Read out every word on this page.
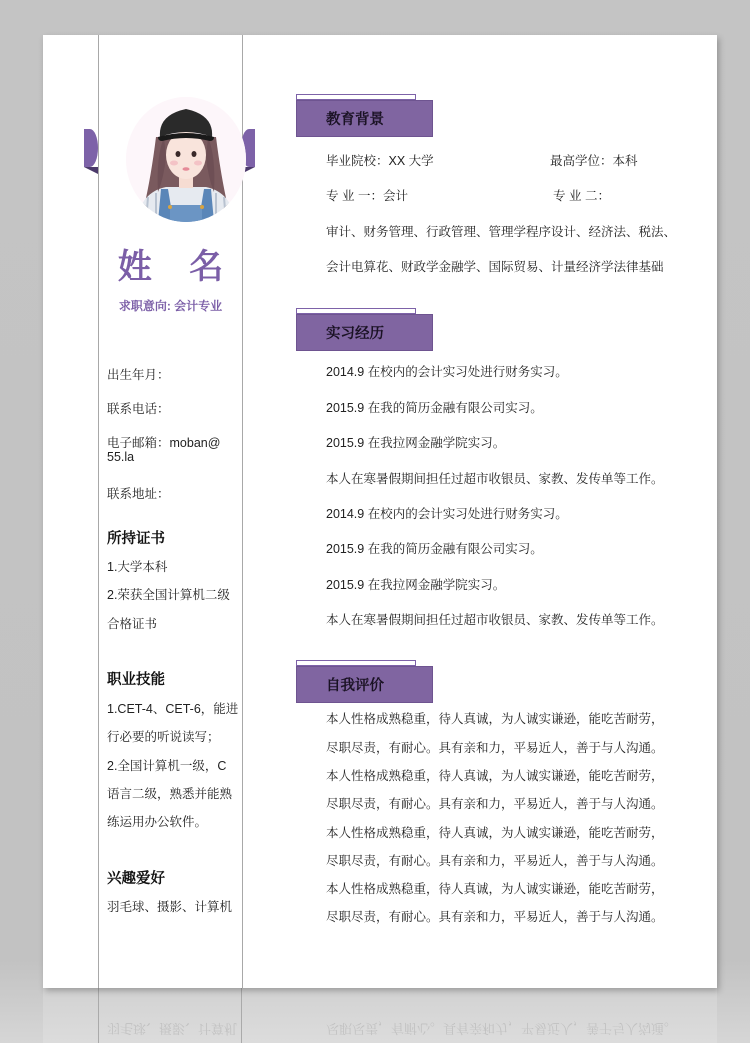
羽毛球、摄影、计算机	尽职尽责，有耐心。具有亲和力，平易近人，善于与人沟通。
姓 名
求职意向: 会计专业
出生年月：
联系电话：
电子邮箱：moban@
55.la
联系地址：
所持证书
1.大学本科
2.荣获全国计算机二级
合格证书
职业技能
1.CET-4、CET-6，能进
行必要的听说读写；
2.全国计算机一级，C
语言二级，熟悉并能熟
练运用办公软件。
兴趣爱好
羽毛球、摄影、计算机
教育背景
毕业院校：XX 大学	最高学位：本科
专 业 一：会计	专 业 二：
审计、财务管理、行政管理、管理学程序设计、经济法、税法、
会计电算花、财政学金融学、国际贸易、计量经济学法律基础
实习经历
2014.9 在校内的会计实习处进行财务实习。
2015.9 在我的简历金融有限公司实习。
2015.9 在我拉网金融学院实习。
本人在寒暑假期间担任过超市收银员、家教、发传单等工作。
2014.9 在校内的会计实习处进行财务实习。
2015.9 在我的简历金融有限公司实习。
2015.9 在我拉网金融学院实习。
本人在寒暑假期间担任过超市收银员、家教、发传单等工作。
自我评价
本人性格成熟稳重，待人真诚，为人诚实谦逊，能吃苦耐劳，
尽职尽责，有耐心。具有亲和力，平易近人，善于与人沟通。
本人性格成熟稳重，待人真诚，为人诚实谦逊，能吃苦耐劳，
尽职尽责，有耐心。具有亲和力，平易近人，善于与人沟通。
本人性格成熟稳重，待人真诚，为人诚实谦逊，能吃苦耐劳，
尽职尽责，有耐心。具有亲和力，平易近人，善于与人沟通。
本人性格成熟稳重，待人真诚，为人诚实谦逊，能吃苦耐劳，
尽职尽责，有耐心。具有亲和力，平易近人，善于与人沟通。
